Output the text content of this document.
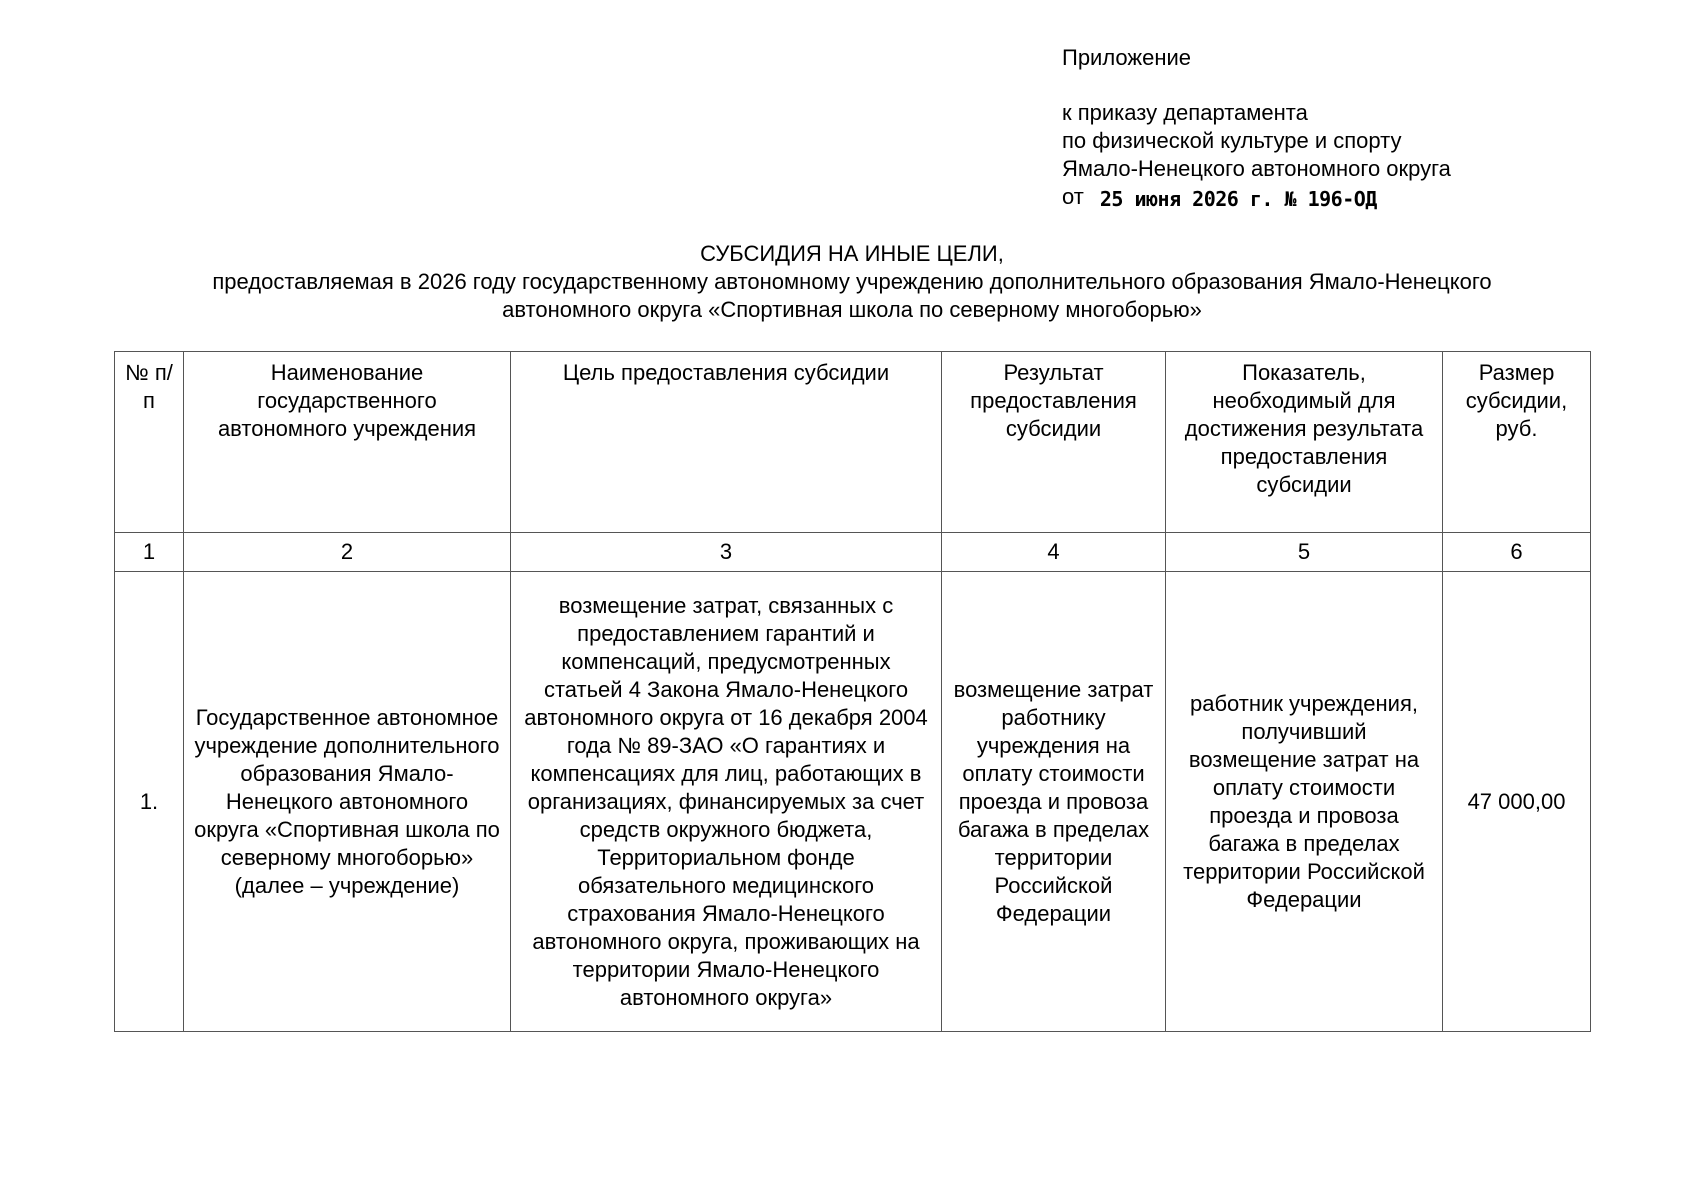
Приложение
к приказу департамента
по физической культуре и спорту
Ямало-Ненецкого автономного округа
от 25 июня 2026 г. № 196-ОД
СУБСИДИЯ НА ИНЫЕ ЦЕЛИ,
предоставляемая в 2026 году государственному автономному учреждению дополнительного образования Ямало-Ненецкого
автономного округа «Спортивная школа по северному многоборью»
№ п/п	Наименование государственного автономного учреждения	Цель предоставления субсидии	Результат предоставления субсидии	Показатель, необходимый для достижения результата предоставления субсидии	Размер субсидии, руб.
1	2	3	4	5	6
1.	Государственное автономное учреждение дополнительного образования Ямало-Ненецкого автономного округа «Спортивная школа по северному многоборью» (далее – учреждение)	возмещение затрат, связанных с предоставлением гарантий и компенсаций, предусмотренных статьей 4 Закона Ямало-Ненецкого автономного округа от 16 декабря 2004 года № 89-ЗАО «О гарантиях и компенсациях для лиц, работающих в организациях, финансируемых за счет средств окружного бюджета, Территориальном фонде обязательного медицинского страхования Ямало-Ненецкого автономного округа, проживающих на территории Ямало-Ненецкого автономного округа»	возмещение затрат работнику учреждения на оплату стоимости проезда и провоза багажа в пределах территории Российской Федерации	работник учреждения, получивший возмещение затрат на оплату стоимости проезда и провоза багажа в пределах территории Российской Федерации	47 000,00
